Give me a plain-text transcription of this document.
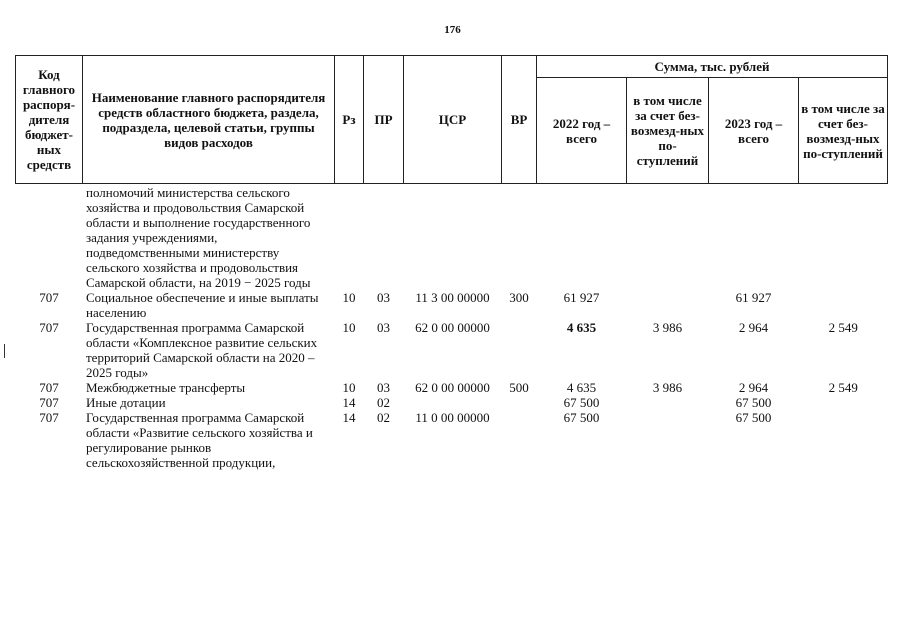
176
Код главного распоря-дителя бюджет-ных средств	Наименование главного распорядителя средств областного бюджета, раздела, подраздела, целевой статьи, группы видов расходов	Рз	ПР	ЦСР	ВР	Сумма, тыс. рублей			
						2022 год – всего	в том числе за счет без-возмезд-ных по-ступлений	2023 год – всего	в том числе за счет без-возмезд-ных по-ступлений
	полномочий министерства сельского хозяйства и продовольствия Самарской области и выполнение государственного задания учреждениями, подведомственными министерству сельского хозяйства и продовольствия Самарской области, на 2019 − 2025 годы								
707	Социальное обеспечение и иные выплаты населению	10	03	11 3 00 00000	300	61 927		61 927	
707	Государственная программа Самарской области «Комплексное развитие сельских территорий Самарской области на 2020 – 2025 годы»	10	03	62 0 00 00000		4 635	3 986	2 964	2 549
707	Межбюджетные трансферты	10	03	62 0 00 00000	500	4 635	3 986	2 964	2 549
707	Иные дотации	14	02			67 500		67 500	
707	Государственная программа Самарской области «Развитие сельского хозяйства и регулирование рынков сельскохозяйственной продукции,	14	02	11 0 00 00000		67 500		67 500	
